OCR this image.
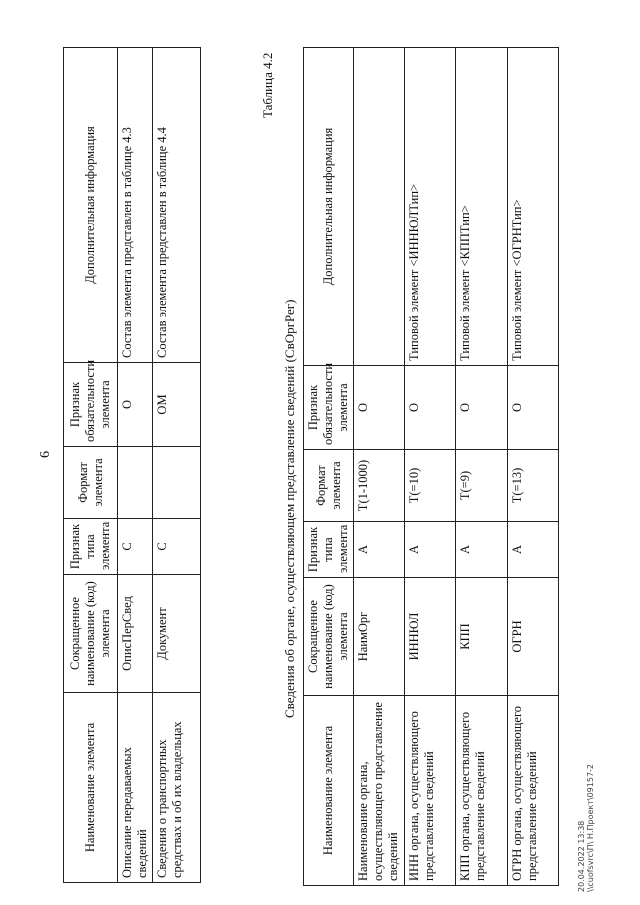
6
Наименование элемента	Сокращенное наименование (код) элемента	Признак типа элемента	Формат элемента	Признак обязательности элемента	Дополнительная информация
Описание передаваемых сведений	ОписПерСвед	С		О	Состав элемента представлен в таблице 4.3
Сведения о транспортных средствах и об их владельцах	Документ	С		ОМ	Состав элемента представлен в таблице 4.4
Таблица 4.2
Сведения об органе, осуществляющем представление сведений (СвОргРег)
Наименование элемента	Сокращенное наименование (код) элемента	Признак типа элемента	Формат элемента	Признак обязательности элемента	Дополнительная информация
Наименование органа, осуществляющего представление сведений	НаимОрг	А	T(1-1000)	О	
ИНН органа, осуществляющего представление сведений	ИННЮЛ	А	T(=10)	О	Типовой элемент <ИННЮЛТип>
КПП органа, осуществляющего представление сведений	КПП	А	T(=9)	О	Типовой элемент <КППТип>
ОГРН органа, осуществляющего представление сведений	ОГРН	А	T(=13)	О	Типовой элемент <ОГРНТип>
20.04.2022 13:38 \\cuofsvrc\П\ Н.Проект\09157-2
